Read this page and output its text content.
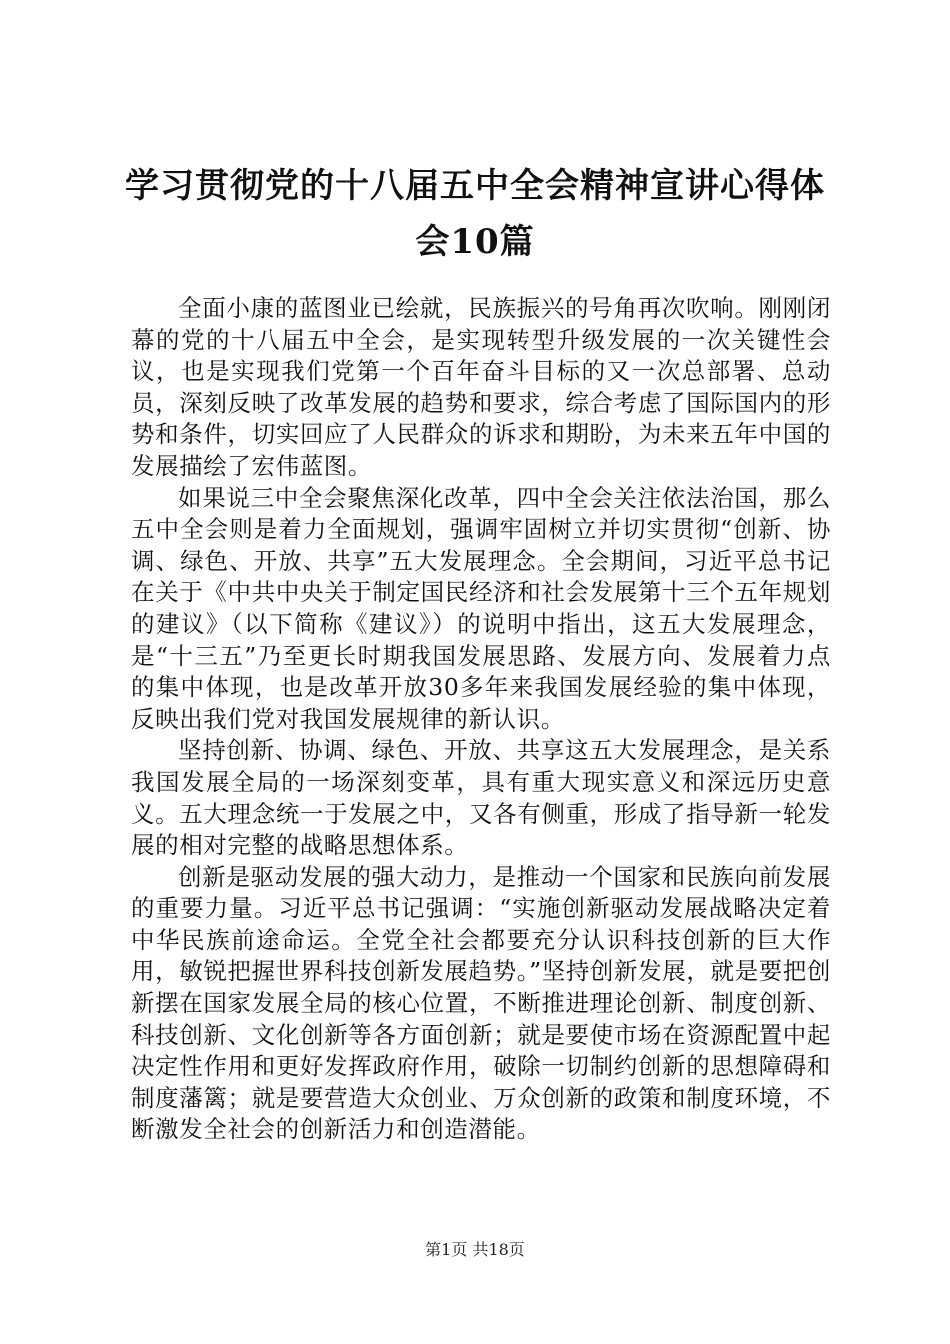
学习贯彻党的十八届五中全会精神宣讲心得体会10篇

全面小康的蓝图业已绘就，民族振兴的号角再次吹响。刚刚闭幕的党的十八届五中全会，是实现转型升级发展的一次关键性会议，也是实现我们党第一个百年奋斗目标的又一次总部署、总动员，深刻反映了改革发展的趋势和要求，综合考虑了国际国内的形势和条件，切实回应了人民群众的诉求和期盼，为未来五年中国的发展描绘了宏伟蓝图。

如果说三中全会聚焦深化改革，四中全会关注依法治国，那么五中全会则是着力全面规划，强调牢固树立并切实贯彻“创新、协调、绿色、开放、共享”五大发展理念。全会期间，习近平总书记在关于《中共中央关于制定国民经济和社会发展第十三个五年规划的建议》（以下简称《建议》）的说明中指出，这五大发展理念，是“十三五”乃至更长时期我国发展思路、发展方向、发展着力点的集中体现，也是改革开放30多年来我国发展经验的集中体现，反映出我们党对我国发展规律的新认识。

坚持创新、协调、绿色、开放、共享这五大发展理念，是关系我国发展全局的一场深刻变革，具有重大现实意义和深远历史意义。五大理念统一于发展之中，又各有侧重，形成了指导新一轮发展的相对完整的战略思想体系。

创新是驱动发展的强大动力，是推动一个国家和民族向前发展的重要力量。习近平总书记强调：“实施创新驱动发展战略决定着中华民族前途命运。全党全社会都要充分认识科技创新的巨大作用，敏锐把握世界科技创新发展趋势。”坚持创新发展，就是要把创新摆在国家发展全局的核心位置，不断推进理论创新、制度创新、科技创新、文化创新等各方面创新；就是要使市场在资源配置中起决定性作用和更好发挥政府作用，破除一切制约创新的思想障碍和制度藩篱；就是要营造大众创业、万众创新的政策和制度环境，不断激发全社会的创新活力和创造潜能。

第1页 共18页
